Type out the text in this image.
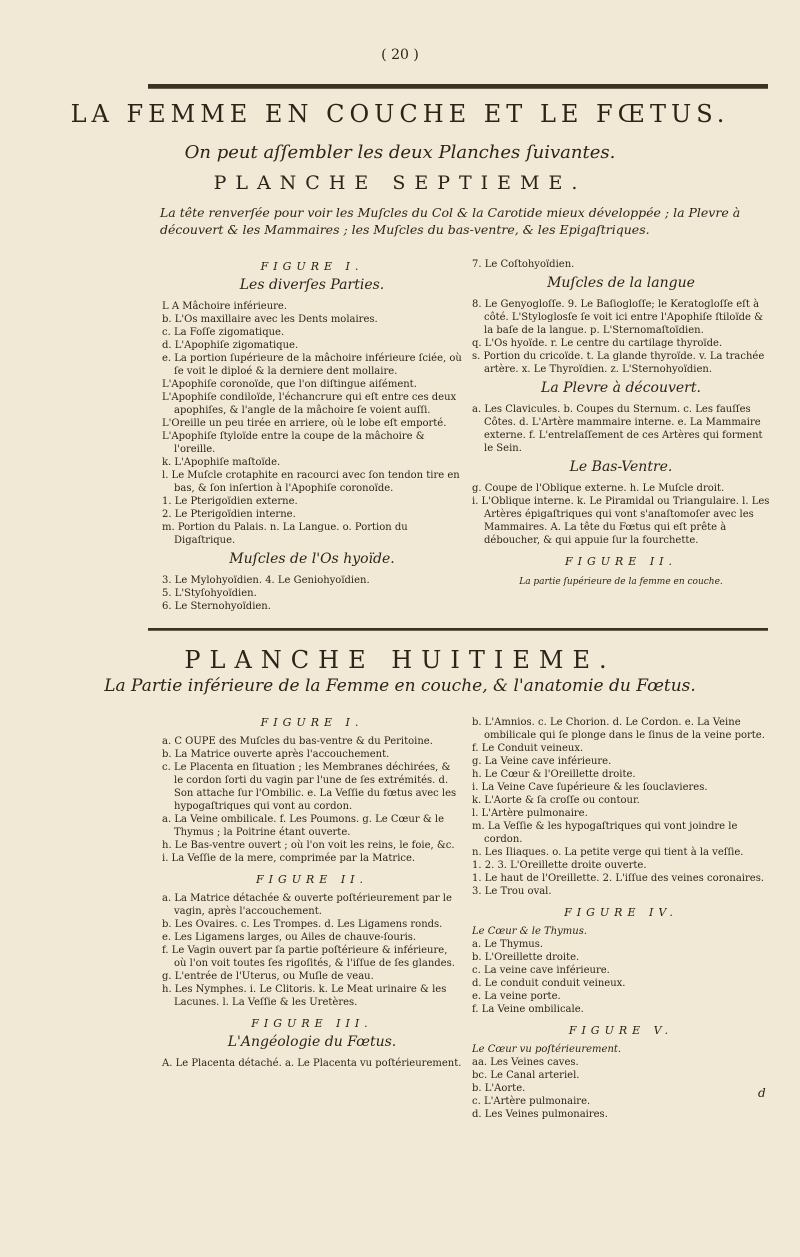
( 20 )
LA FEMME EN COUCHE ET LE FŒTUS.
On peut aſſembler les deux Planches ſuivantes.
PLANCHE SEPTIEME.
La tête renverſée pour voir les Muſcles du Col & la Carotide mieux développée ; la Plevre à découvert & les Mammaires ; les Muſcles du bas-ventre, & les Epigaſtriques.
FIGURE I.
Les diverſes Parties.

L A Mâchoire inférieure.

b. L'Os maxillaire avec les Dents molaires.

c. La Foſſe zigomatique.

d. L'Apophiſe zigomatique.

e. La portion ſupérieure de la mâchoire inférieure ſciée, où ſe voit le diploé & la derniere dent mollaire.

L'Apophiſe coronoïde, que l'on diſtingue aiſément.

L'Apophiſe condiloïde, l'échancrure qui eſt entre ces deux apophiſes, & l'angle de la mâchoire ſe voient auſſi.

L'Oreille un peu tirée en arriere, où le lobe eſt emporté.

L'Apophiſe ſtyloïde entre la coupe de la mâchoire & l'oreille.

k. L'Apophiſe maſtoïde.

l. Le Muſcle crotaphite en racourci avec ſon tendon tire en bas, & ſon inſertion à l'Apophiſe coronoïde.

1. Le Pterigoïdien externe.

2. Le Pterigoïdien interne.

m. Portion du Palais. n. La Langue. o. Portion du Digaſtrique.

Muſcles de l'Os hyoïde.

3. Le Mylohyoïdien. 4. Le Geniohyoïdien.

5. L'Styſohyoïdien.

6. Le Sternohyoïdien.

7. Le Coſtohyoïdien.

Muſcles de la langue

8. Le Genyogloſſe. 9. Le Baſiogloſſe; le Keratogloſſe eſt à côté. L'Styloglosſe ſe voit ici entre l'Apophiſe ſtiloïde & la baſe de la langue. p. L'Sternomaſtoïdien.

q. L'Os hyoïde. r. Le centre du cartilage thyroïde.

s. Portion du cricoïde. t. La glande thyroïde. v. La trachée artère. x. Le Thyroïdien. z. L'Sternohyoïdien.

La Plevre à découvert.

a. Les Clavicules. b. Coupes du Sternum. c. Les fauſſes Côtes. d. L'Artère mammaire interne. e. La Mammaire externe. f. L'entrelaſſement de ces Artères qui forment le Sein.

Le Bas-Ventre.

g. Coupe de l'Oblique externe. h. Le Muſcle droit.

i. L'Oblique interne. k. Le Piramidal ou Triangulaire. l. Les Artères épigaſtriques qui vont s'anaſtomoſer avec les Mammaires. A. La tête du Fœtus qui eſt prête à déboucher, & qui appuie ſur la fourchette.

FIGURE II.
La partie ſupérieure de la femme en couche.
PLANCHE HUITIEME.
La Partie inférieure de la Femme en couche, & l'anatomie du Fœtus.
FIGURE I.

a. C OUPE des Muſcles du bas-ventre & du Peritoine.

b. La Matrice ouverte après l'accouchement.

c. Le Placenta en ſituation ; les Membranes déchirées, & le cordon ſorti du vagin par l'une de ſes extrémités. d. Son attache ſur l'Ombilic. e. La Veſſie du fœtus avec les hypogaſtriques qui vont au cordon.

a. La Veine ombilicale. f. Les Poumons. g. Le Cœur & le Thymus ; la Poitrine étant ouverte.

h. Le Bas-ventre ouvert ; où l'on voit les reins, le foie, &c.

i. La Veſſie de la mere, comprimée par la Matrice.

FIGURE II.

a. La Matrice détachée & ouverte poſtérieurement par le vagin, après l'accouchement.

b. Les Ovaires. c. Les Trompes. d. Les Ligamens ronds.

e. Les Ligamens larges, ou Ailes de chauve-ſouris.

f. Le Vagin ouvert par ſa partie poſtérieure & inférieure, où l'on voit toutes ſes rigoſités, & l'iſſue de ſes glandes.

g. L'entrée de l'Uterus, ou Muſle de veau.

h. Les Nymphes. i. Le Clitoris. k. Le Meat urinaire & les Lacunes. l. La Veſſie & les Uretères.

FIGURE III.
L'Angéologie du Fœtus.

A. Le Placenta détaché. a. Le Placenta vu poſtérieurement.

b. L'Amnios. c. Le Chorion. d. Le Cordon. e. La Veine ombilicale qui ſe plonge dans le ſinus de la veine porte.

f. Le Conduit veineux.

g. La Veine cave inférieure.

h. Le Cœur & l'Oreillette droite.

i. La Veine Cave ſupérieure & les ſouclavieres.

k. L'Aorte & ſa croſſe ou contour.

l. L'Artère pulmonaire.

m. La Veſſie & les hypogaſtriques qui vont joindre le cordon.

n. Les Iliaques. o. La petite verge qui tient à la veſſie.

1. 2. 3. L'Oreillette droite ouverte.

1. Le haut de l'Oreillette. 2. L'iſſue des veines coronaires.

3. Le Trou oval.

FIGURE IV.

Le Cœur & le Thymus.

a. Le Thymus.

b. L'Oreillette droite.

c. La veine cave inférieure.

d. Le conduit conduit veineux.

e. La veine porte.

f. La Veine ombilicale.

FIGURE V.

Le Cœur vu poſtérieurement.

aa. Les Veines caves.

bc. Le Canal arteriel.

b. L'Aorte.

c. L'Artère pulmonaire.

d. Les Veines pulmonaires.

d
